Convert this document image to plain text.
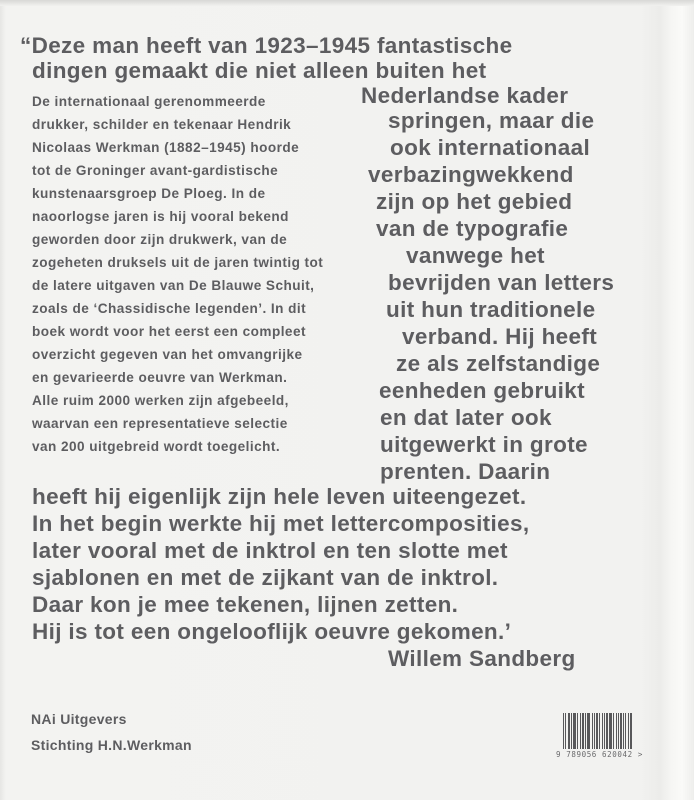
“Deze man heeft van 1923–1945 fantastische
dingen gemaakt die niet alleen buiten het
Nederlandse kader
springen, maar die
ook internationaal
verbazingwekkend
zijn op het gebied
van de typografie
vanwege het
bevrijden van letters
uit hun traditionele
verband. Hij heeft
ze als zelfstandige
eenheden gebruikt
en dat later ook
uitgewerkt in grote
prenten. Daarin
heeft hij eigenlijk zijn hele leven uiteengezet.
In het begin werkte hij met lettercomposities,
later vooral met de inktrol en ten slotte met
sjablonen en met de zijkant van de inktrol.
Daar kon je mee tekenen, lijnen zetten.
Hij is tot een ongelooflijk oeuvre gekomen.’
Willem Sandberg
De internationaal gerenommeerde
drukker, schilder en tekenaar Hendrik
Nicolaas Werkman (1882–1945) hoorde
tot de Groninger avant-gardistische
kunstenaarsgroep De Ploeg. In de
naoorlogse jaren is hij vooral bekend
geworden door zijn drukwerk, van de
zogeheten druksels uit de jaren twintig tot
de latere uitgaven van De Blauwe Schuit,
zoals de ‘Chassidische legenden’. In dit
boek wordt voor het eerst een compleet
overzicht gegeven van het omvangrijke
en gevarieerde oeuvre van Werkman.
Alle ruim 2000 werken zijn afgebeeld,
waarvan een representatieve selectie
van 200 uitgebreid wordt toegelicht.
NAi Uitgevers
Stichting H.N.Werkman
9 789056 620042 >
